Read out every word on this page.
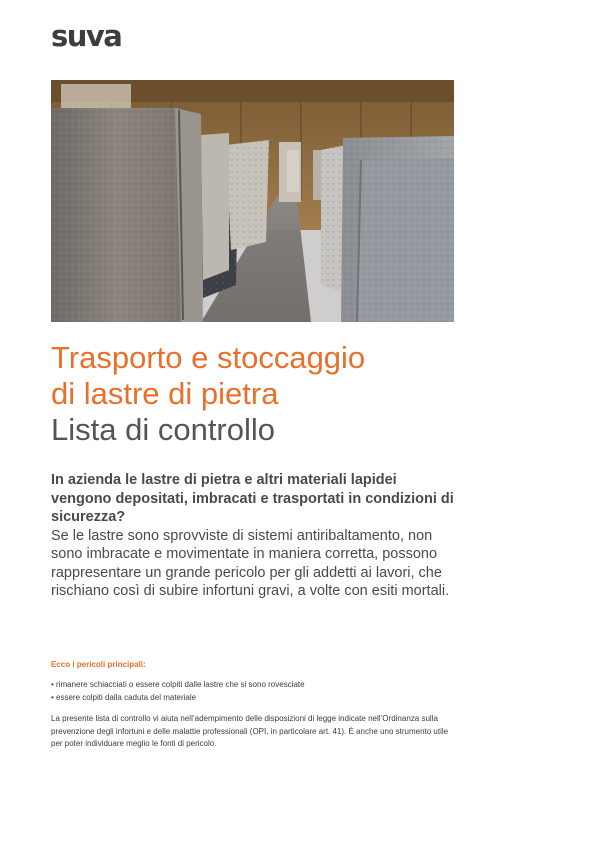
suva
Trasporto e stoccaggio
di lastre di pietra
Lista di controllo
In azienda le lastre di pietra e altri materiali lapidei vengono depositati, imbracati e trasportati in condizioni di sicurezza?
Se le lastre sono sprovviste di sistemi antiribaltamento, non sono imbracate e movimentate in maniera corretta, possono rappresentare un grande pericolo per gli addetti ai lavori, che rischiano così di subire infortuni gravi, a volte con esiti mortali.
Ecco i pericoli principali:
• rimanere schiacciati o essere colpiti dalle lastre che si sono rovesciate
• essere colpiti dalla caduta del materiale

La presente lista di controllo vi aiuta nell’adempimento delle disposizioni di legge indicate nell’Ordinanza sulla prevenzione degli infortuni e delle malattie professionali (OPI, in particolare art. 41). È anche uno strumento utile per poter individuare meglio le fonti di pericolo.
